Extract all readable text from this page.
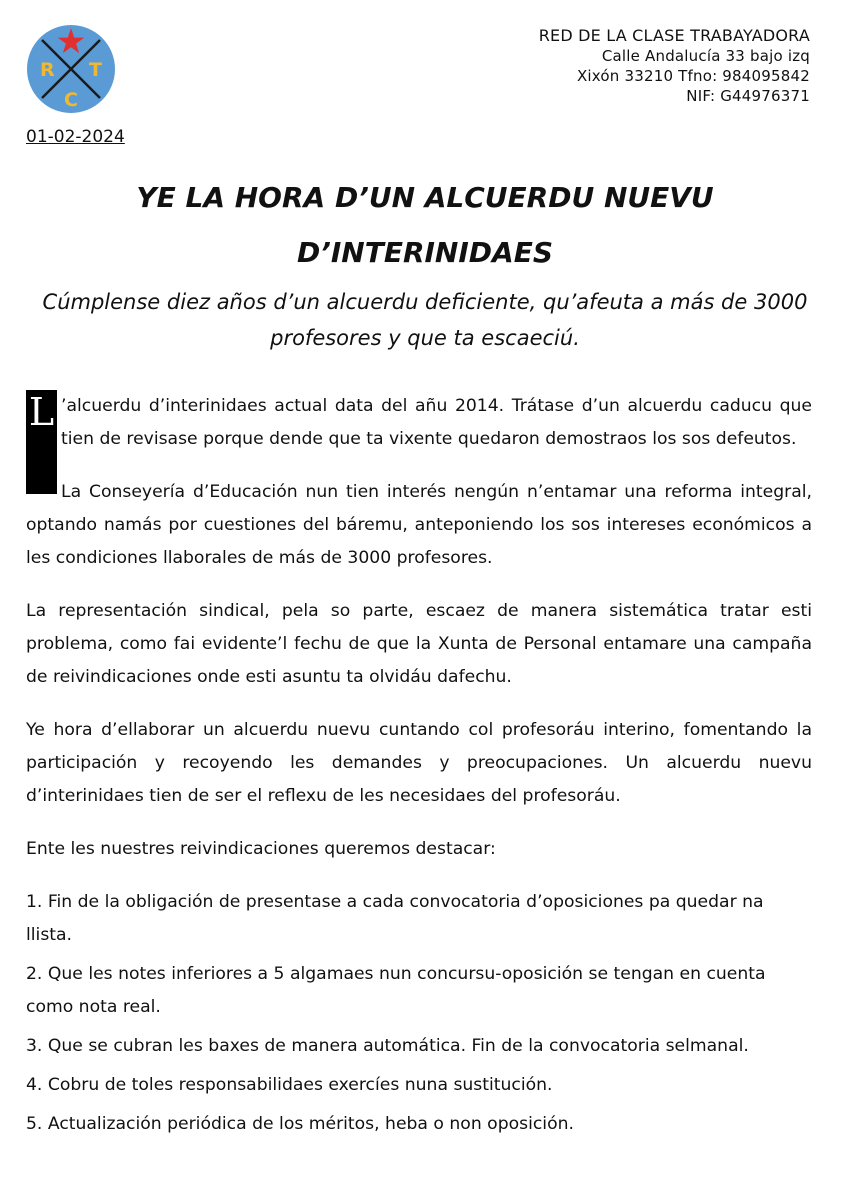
R T
C
RED DE LA CLASE TRABAYADORA
Calle Andalucía 33 bajo izq
Xixón 33210 Tfno: 984095842
NIF: G44976371
01-02-2024
YE LA HORA D’UN ALCUERDU NUEVU
D’INTERINIDAES

Cúmplense diez años d’un alcuerdu deficiente, qu’afeuta a más de 3000 profesores y que ta escaeciú.

L ’alcuerdu d’interinidaes actual data del añu 2014. Trátase d’un alcuerdu caducu que tien de revisase porque dende que ta vixente quedaron demostraos los sos defeutos.

La Conseyería d’Educación nun tien interés nengún n’entamar una reforma integral, optando namás por cuestiones del báremu, anteponiendo los sos intereses económicos a les condiciones llaborales de más de 3000 profesores.

La representación sindical, pela so parte, escaez de manera sistemática tratar esti problema, como fai evidente’l fechu de que la Xunta de Personal entamare una campaña de reivindicaciones onde esti asuntu ta olvidáu dafechu.

Ye hora d’ellaborar un alcuerdu nuevu cuntando col profesoráu interino, fomentando la participación y recoyendo les demandes y preocupaciones. Un alcuerdu nuevu d’interinidaes tien de ser el reflexu de les necesidaes del profesoráu.

Ente les nuestres reivindicaciones queremos destacar:

1. Fin de la obligación de presentase a cada convocatoria d’oposiciones pa quedar na llista.

2. Que les notes inferiores a 5 algamaes nun concursu-oposición se tengan en cuenta como nota real.

3. Que se cubran les baxes de manera automática. Fin de la convocatoria selmanal.

4. Cobru de toles responsabilidaes exercíes nuna sustitución.

5. Actualización periódica de los méritos, heba o non oposición.
